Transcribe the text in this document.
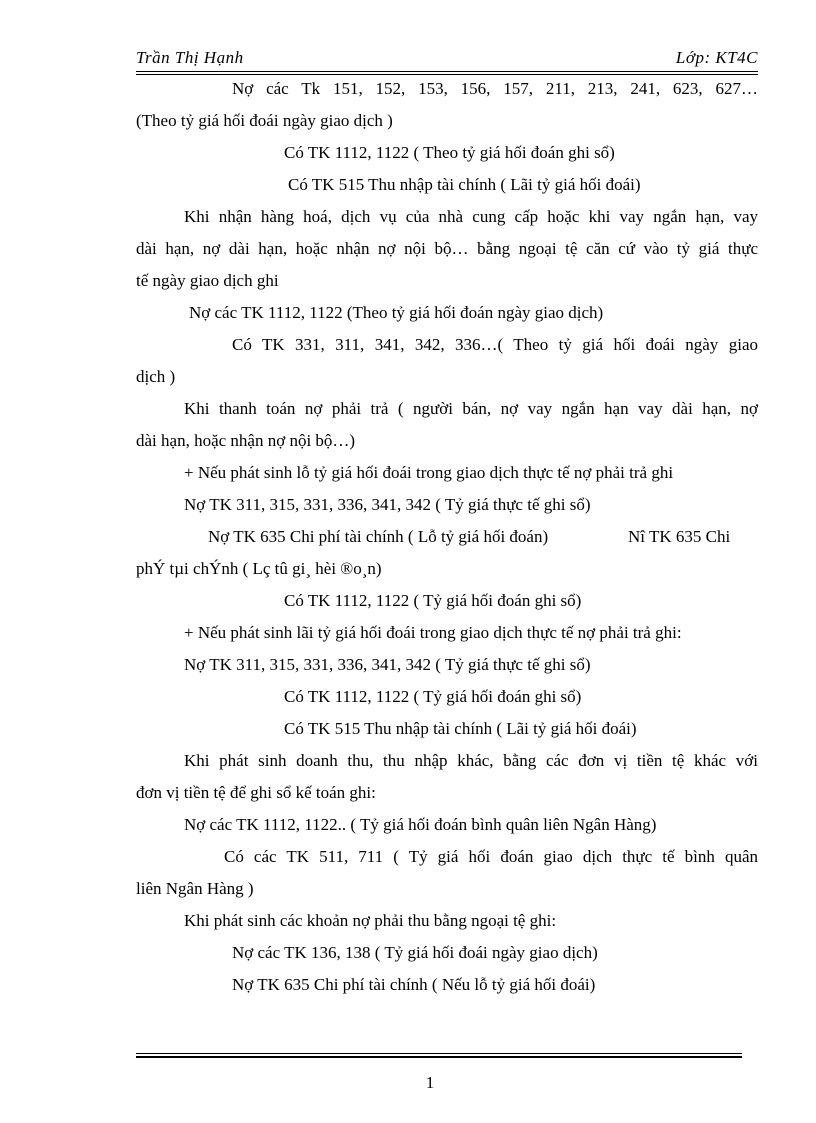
Trần Thị Hạnh	Lớp: KT4C
Nợ các Tk 151, 152, 153, 156, 157, 211, 213, 241, 623, 627…
(Theo tỷ giá hối đoái ngày giao dịch )
Có TK 1112, 1122 ( Theo tỷ giá hối đoán ghi sổ)
Có TK 515 Thu nhập tài chính ( Lãi tỷ giá hối đoái)
Khi nhận hàng hoá, dịch vụ của nhà cung cấp hoặc khi vay ngắn hạn, vay
dài hạn, nợ dài hạn, hoặc nhận nợ nội bộ… bằng ngoại tệ căn cứ vào tỷ giá thực
tế ngày giao dịch ghi
Nợ các TK 1112, 1122 (Theo tỷ giá hối đoán ngày giao dịch)
Có TK 331, 311, 341, 342, 336…( Theo tỷ giá hối đoái ngày giao
dịch )
Khi thanh toán nợ phải trả ( người bán, nợ vay ngắn hạn vay dài hạn, nợ
dài hạn, hoặc nhận nợ nội bộ…)
+ Nếu phát sinh lỗ tỷ giá hối đoái trong giao dịch thực tế nợ phải trả ghi
Nợ TK 311, 315, 331, 336, 341, 342 ( Tỷ giá thực tế ghi sổ)
Nợ TK 635 Chi phí tài chính ( Lỗ tỷ giá hối đoán)	Nî TK 635 Chi
phÝ tµi chÝnh ( Lç tû gi¸ hèi ®o¸n)
Có TK 1112, 1122 ( Tỷ giá hối đoán ghi sổ)
+ Nếu phát sinh lãi tỷ giá hối đoái trong giao dịch thực tế nợ phải trả ghi:
Nợ TK 311, 315, 331, 336, 341, 342 ( Tỷ giá thực tế ghi sổ)
Có TK 1112, 1122 ( Tỷ giá hối đoán ghi sổ)
Có TK 515 Thu nhập tài chính ( Lãi tỷ giá hối đoái)
Khi phát sinh doanh thu, thu nhập khác, bằng các đơn vị tiền tệ khác với
đơn vị tiền tệ để ghi sổ kế toán ghi:
Nợ các TK 1112, 1122.. ( Tỷ giá hối đoán bình quân liên Ngân Hàng)
Có các TK 511, 711 ( Tỷ giá hối đoán giao dịch thực tế bình quân
liên Ngân Hàng )
Khi phát sinh các khoản nợ phải thu bằng ngoại tệ ghi:
Nợ các TK 136, 138 ( Tỷ giá hối đoái ngày giao dịch)
Nợ TK 635 Chi phí tài chính ( Nếu lỗ tỷ giá hối đoái)
1
